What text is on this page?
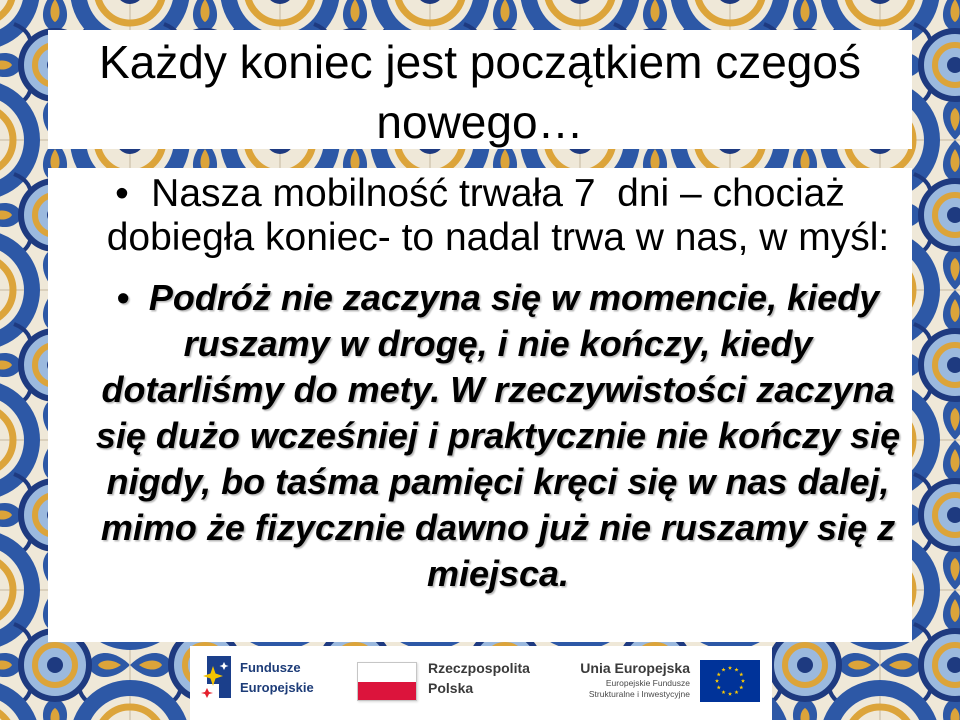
Każdy koniec jest początkiem czegoś
nowego…
• Nasza mobilność trwała 7  dni – chociaż
dobiegła koniec- to nadal trwa w nas, w myśl:
• Podróż nie zaczyna się w momencie, kiedy
ruszamy w drogę, i nie kończy, kiedy
dotarliśmy do mety. W rzeczywistości zaczyna
się dużo wcześniej i praktycznie nie kończy się
nigdy, bo taśma pamięci kręci się w nas dalej,
mimo że fizycznie dawno już nie ruszamy się z
miejsca.
Fundusze
Europejskie
Rzeczpospolita
Polska
Unia Europejska
Europejskie Fundusze
Strukturalne i Inwestycyjne
